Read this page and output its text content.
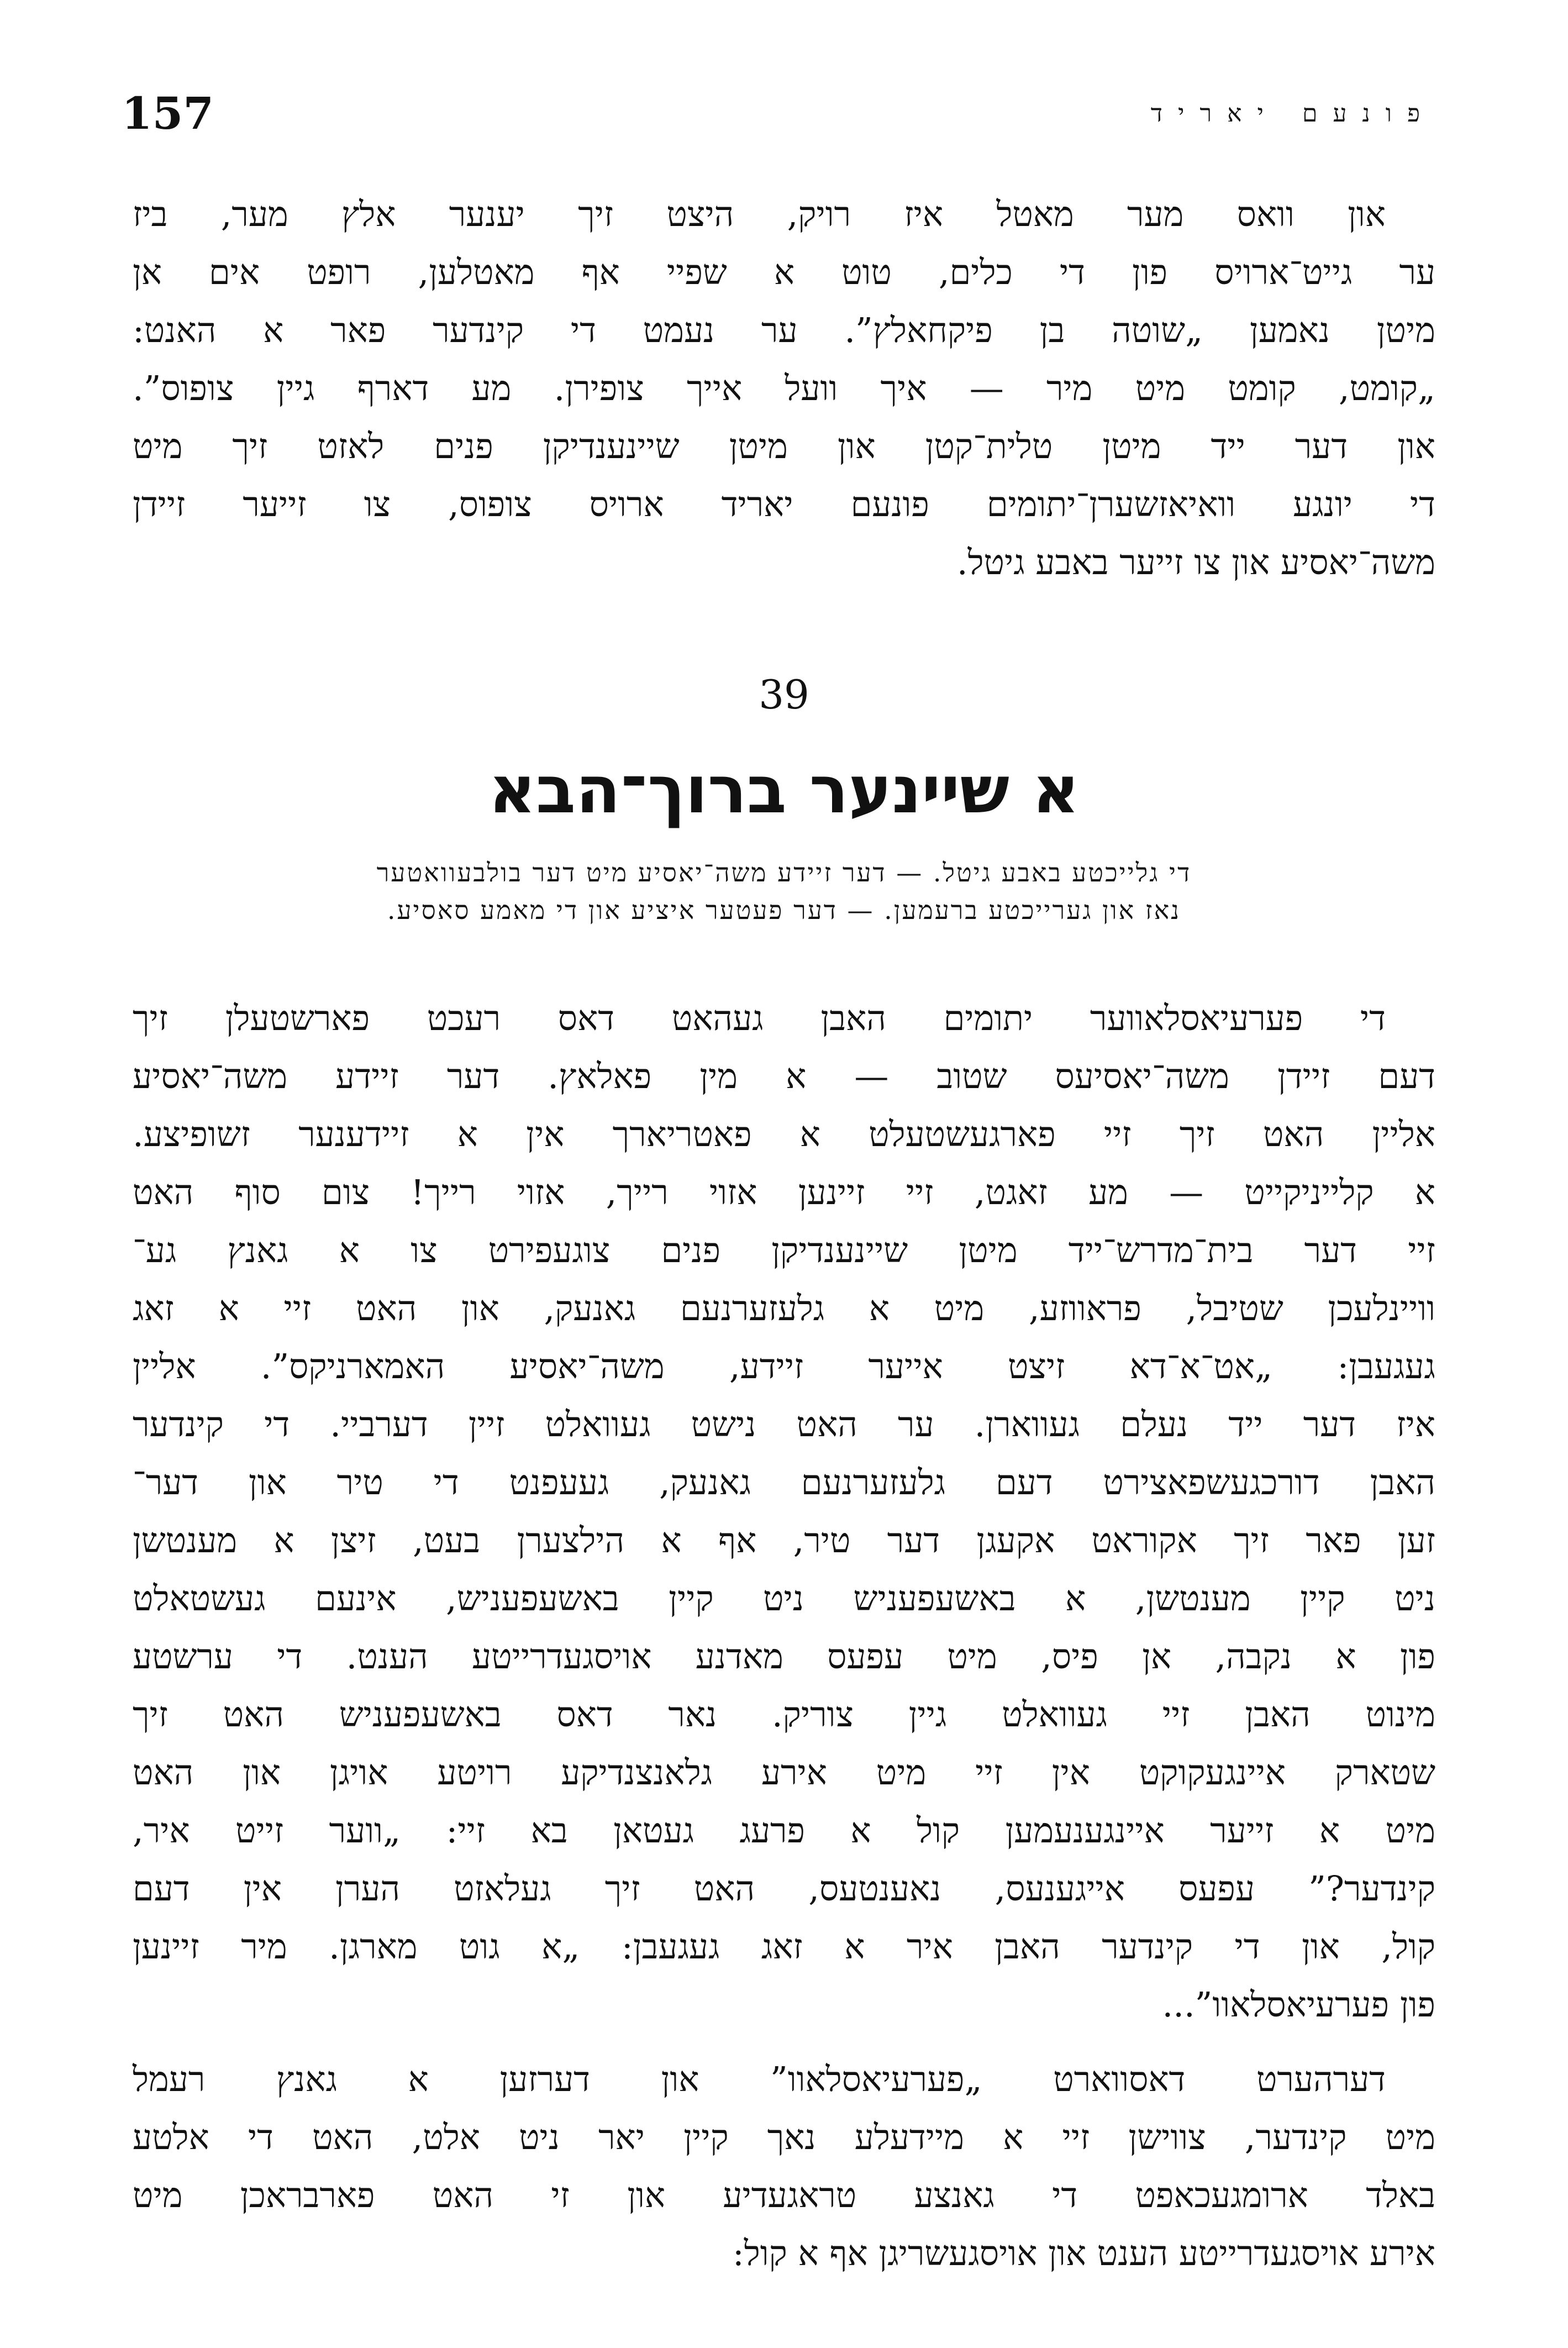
157	פונעם יאריד

און וואס מער מאטל איז רויק, היצט זיך יענער אלץ מער, ביז
ער גייט־ארויס פון די כלים, טוט א שפיי אף מאטלען, רופט אים אן
מיטן נאמען „שוטה בן פיקחאלץ”. ער נעמט די קינדער פאר א האנט:
„קומט, קומט מיט מיר — איך וועל אייך צופירן. מע דארף גיין צופוס”.
און דער ייד מיטן טלית־קטן און מיטן שיינענדיקן פנים לאזט זיך מיט
די יונגע וואיאזשערן־יתומים פונעם יאריד ארויס צופוס, צו זייער זיידן
משה־יאסיע און צו זייער באבע גיטל.

39
א שיינער ברוך־הבא
די גלייכטע באבע גיטל. — דער זיידע משה־יאסיע מיט דער בולבעוואטער
נאז און גערייכטע ברעמען. — דער פעטער איציע און די מאמע סאסיע.

די פערעיאסלאווער יתומים האבן געהאט דאס רעכט פארשטעלן זיך
דעם זיידן משה־יאסיעס שטוב — א מין פאלאץ. דער זיידע משה־יאסיע
אליין האט זיך זיי פארגעשטעלט א פאטריארך אין א זיידענער זשופיצע.
א קלייניקייט — מע זאגט, זיי זיינען אזוי רייך, אזוי רייך! צום סוף האט
זיי דער בית־מדרש־ייד מיטן שיינענדיקן פנים צוגעפירט צו א גאנץ גע־
וויינלעכן שטיבל, פראווזע, מיט א גלעזערנעם גאנעק, און האט זיי א זאג
געגעבן: „אט־א־דא זיצט אייער זיידע, משה־יאסיע האמארניקס”. אליין
איז דער ייד נעלם געווארן. ער האט נישט געוואלט זיין דערביי. די קינדער
האבן דורכגעשפאצירט דעם גלעזערנעם גאנעק, געעפנט די טיר און דער־
זען פאר זיך אקוראט אקעגן דער טיר, אף א הילצערן בעט, זיצן א מענטשן
ניט קיין מענטשן, א באשעפעניש ניט קיין באשעפעניש, אינעם געשטאלט
פון א נקבה, אן פיס, מיט עפעס מאדנע אויסגעדרייטע הענט. די ערשטע
מינוט האבן זיי געוואלט גיין צוריק. נאר דאס באשעפעניש האט זיך
שטארק איינגעקוקט אין זיי מיט אירע גלאנצנדיקע רויטע אויגן און האט
מיט א זייער איינגענעמען קול א פרעג געטאן בא זיי: „ווער זייט איר,
קינדער?” עפעס אייגענעס, נאענטעס, האט זיך געלאזט הערן אין דעם
קול, און די קינדער האבן איר א זאג געגעבן: „א גוט מארגן. מיר זיינען
פון פערעיאסלאוו”...

דערהערט דאסווארט „פערעיאסלאוו” און דערזען א גאנץ רעמל
מיט קינדער, צווישן זיי א מיידעלע נאך קיין יאר ניט אלט, האט די אלטע
באלד ארומגעכאפט די גאנצע טראגעדיע און זי האט פארבראכן מיט
אירע אויסגעדרייטע הענט און אויסגעשריגן אף א קול:
